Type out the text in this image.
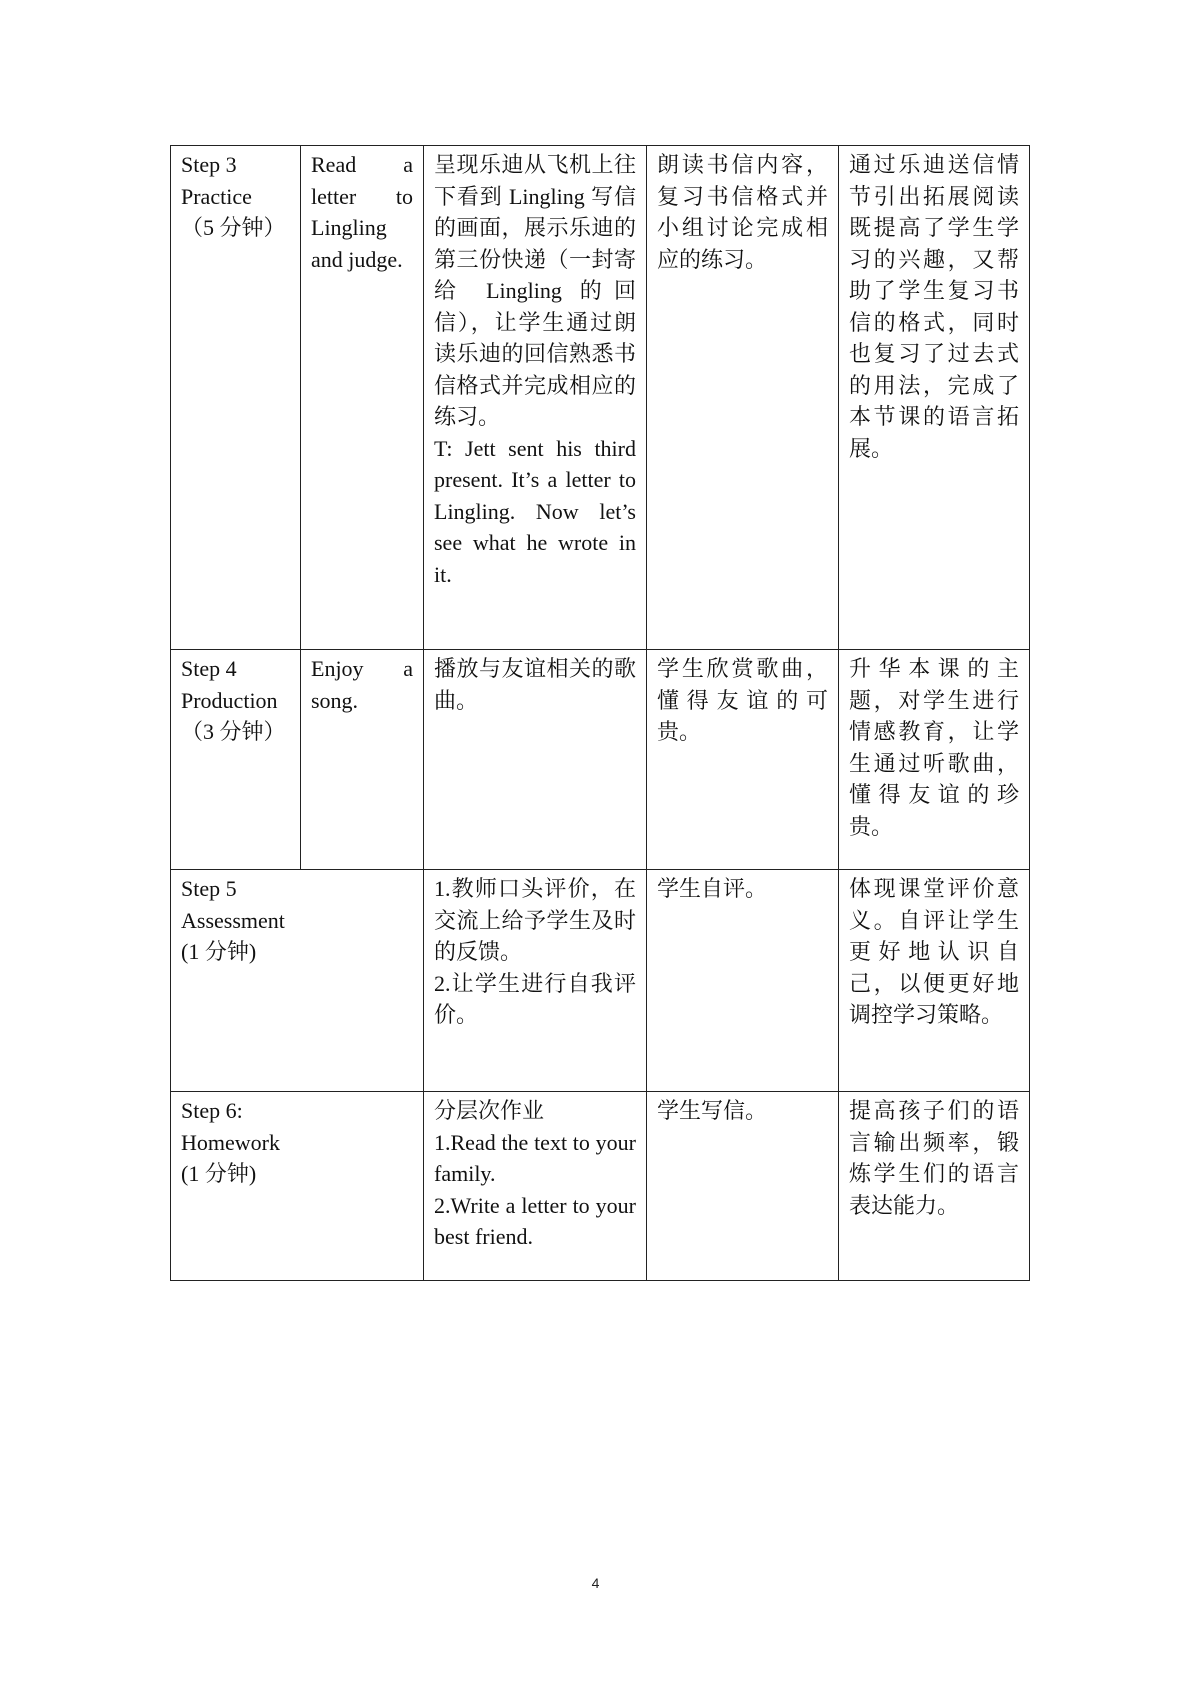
Step 3
Practice
（5 分钟）	Read a letter to Lingling and judge.	呈现乐迪从飞机上往下看到 Lingling 写信的画面，展示乐迪的第三份快递（一封寄给 Lingling 的回信），让学生通过朗读乐迪的回信熟悉书信格式并完成相应的练习。
T: Jett sent his third present. It’s a letter to Lingling. Now let’s see what he wrote in it.	朗读书信内容，复习书信格式并小组讨论完成相应的练习。	通过乐迪送信情节引出拓展阅读既提高了学生学习的兴趣，又帮助了学生复习书信的格式，同时也复习了过去式的用法，完成了本节课的语言拓展。
Step 4
Production
（3 分钟）	Enjoy a song.	播放与友谊相关的歌曲。	学生欣赏歌曲，懂得友谊的可贵。	升华本课的主题，对学生进行情感教育，让学生通过听歌曲，懂得友谊的珍贵。
Step 5
Assessment
(1 分钟)		1.教师口头评价，在交流上给予学生及时的反馈。
2.让学生进行自我评价。	学生自评。	体现课堂评价意义。自评让学生更好地认识自己，以便更好地调控学习策略。
Step 6:
Homework
(1 分钟)		分层次作业
1.Read the text to your family.
2.Write a letter to your best friend.	学生写信。	提高孩子们的语言输出频率，锻炼学生们的语言表达能力。
4
